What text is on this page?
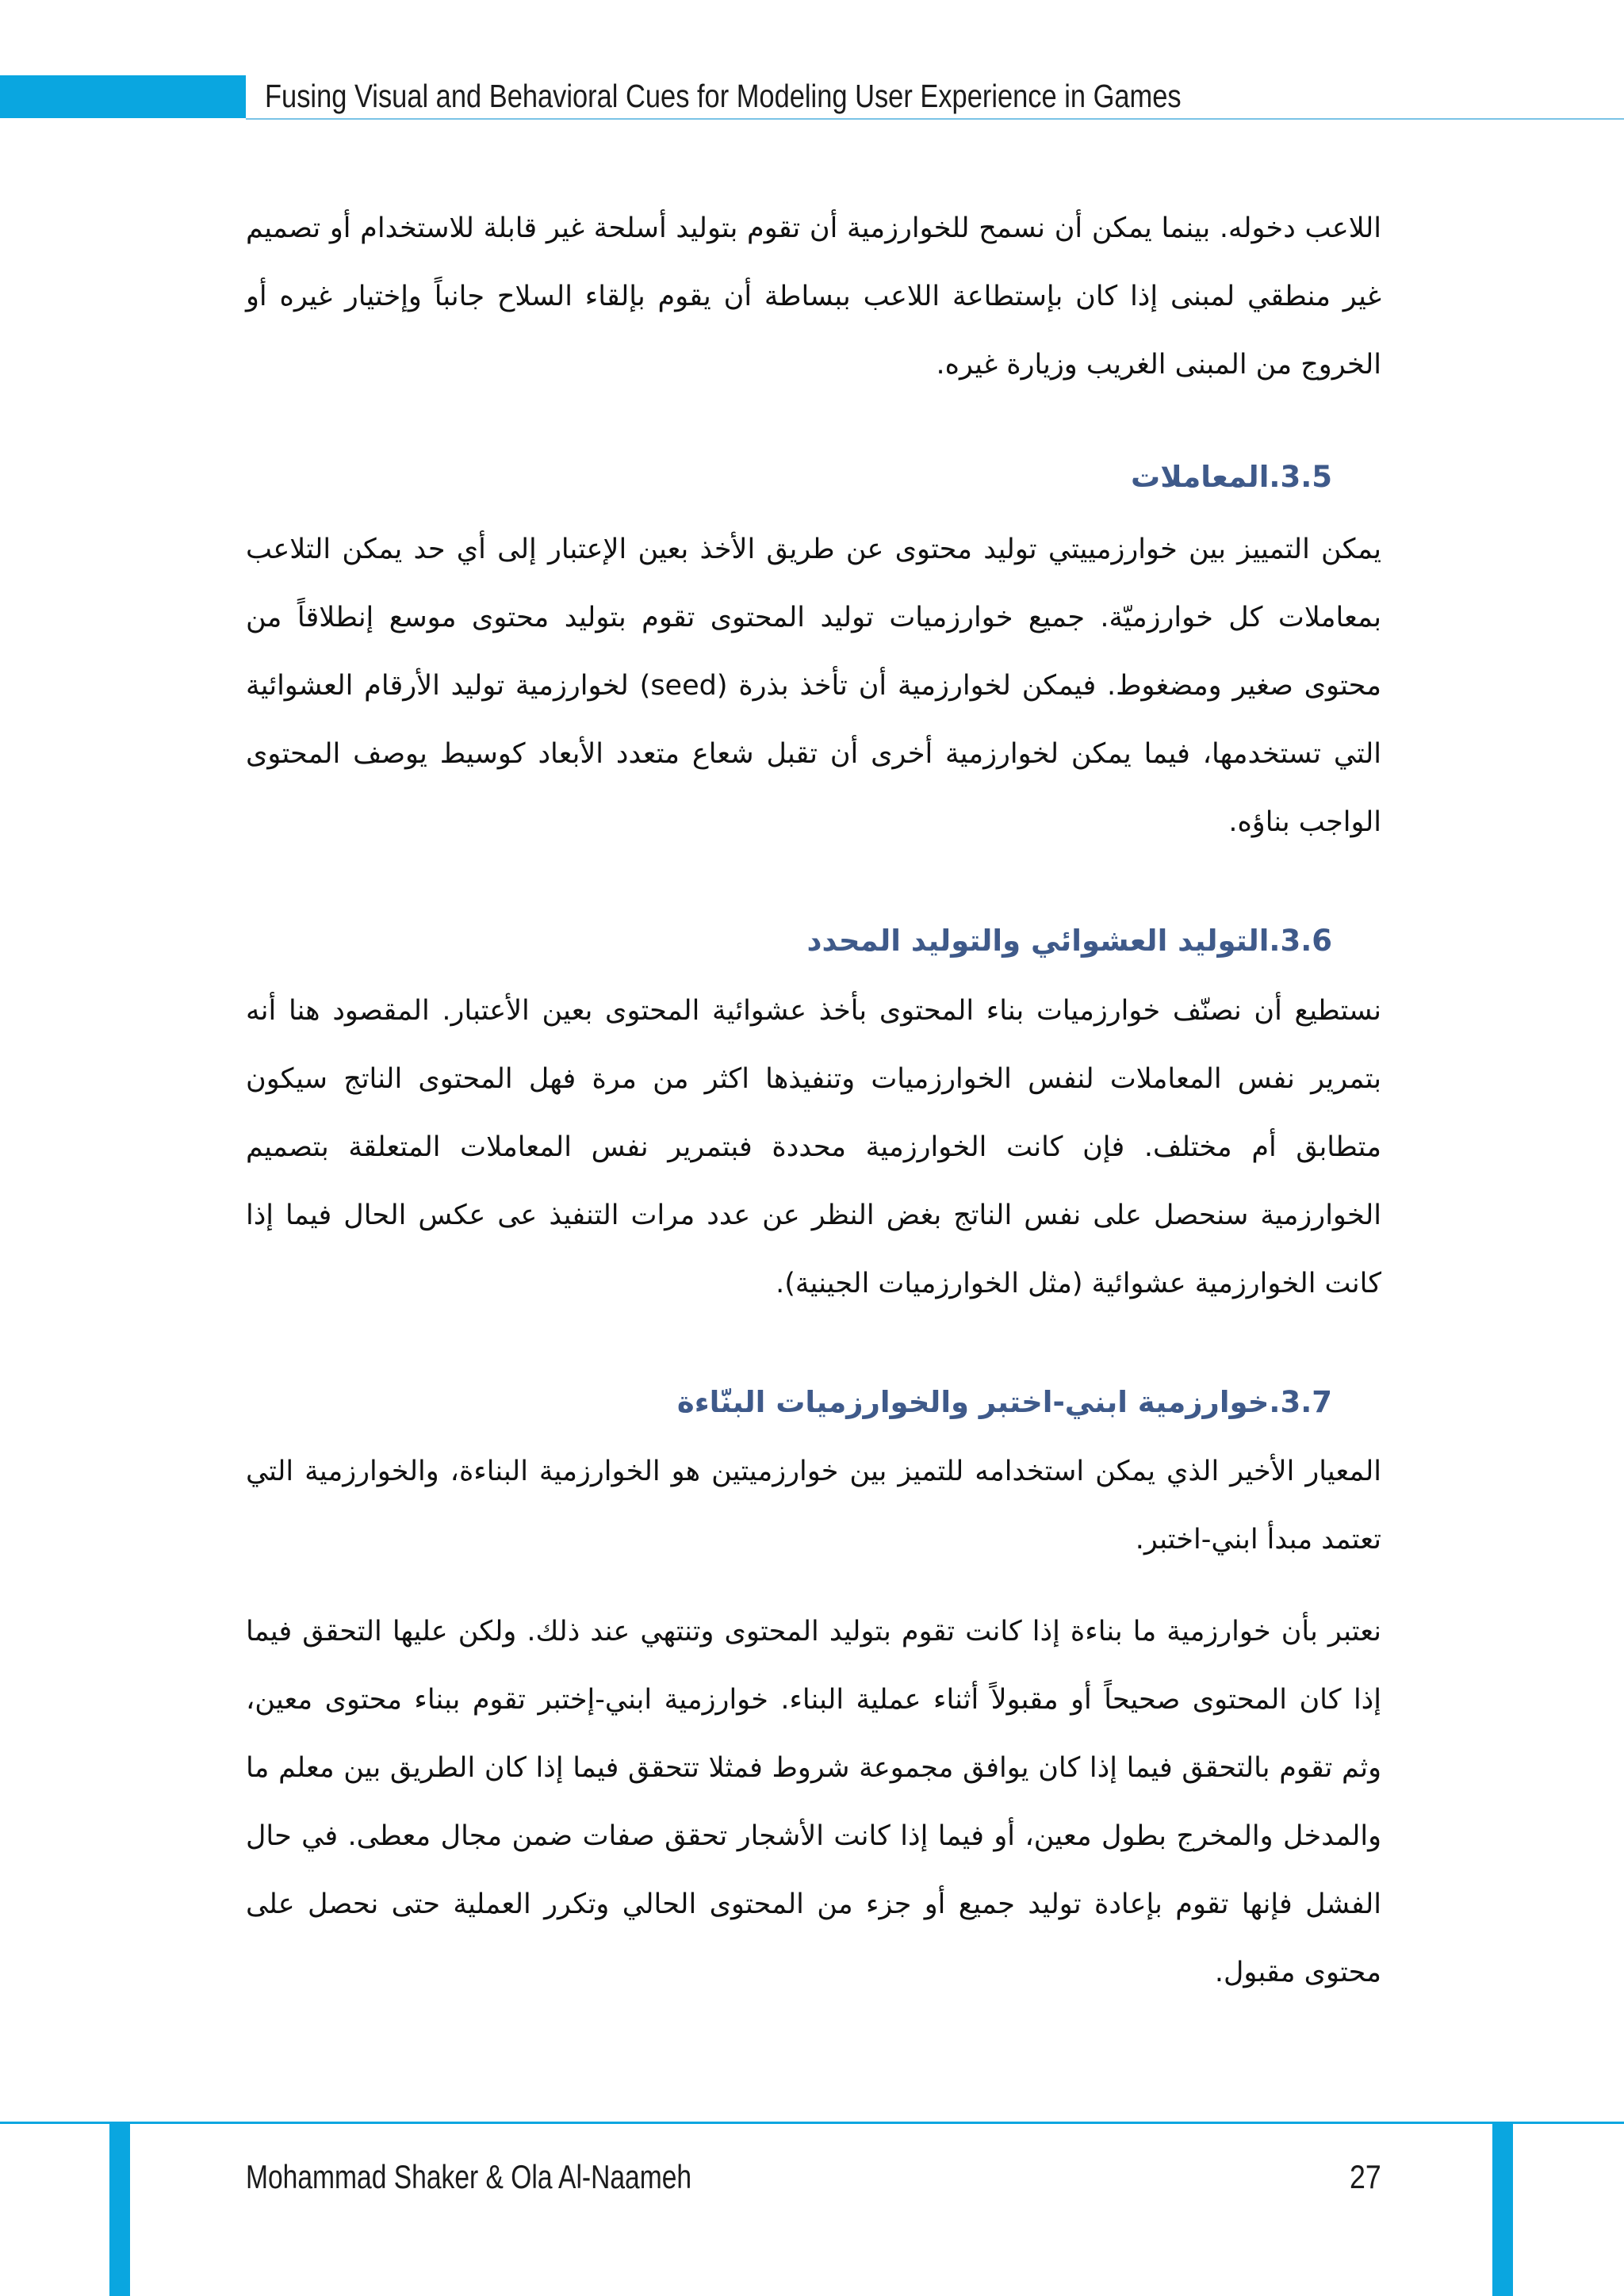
Fusing Visual and Behavioral Cues for Modeling User Experience in Games

اللاعب دخوله. بينما يمكن أن نسمح للخوارزمية أن تقوم بتوليد أسلحة غير قابلة للاستخدام أو تصميم غير منطقي لمبنى إذا كان بإستطاعة اللاعب ببساطة أن يقوم بإلقاء السلاح جانباً وإختيار غيره أو الخروج من المبنى الغريب وزيارة غيره.

3.5.المعاملات

يمكن التمييز بين خوارزمييتي توليد محتوى عن طريق الأخذ بعين الإعتبار إلى أي حد يمكن التلاعب بمعاملات كل خوارزميّة. جميع خوارزميات توليد المحتوى تقوم بتوليد محتوى موسع إنطلاقاً من محتوى صغير ومضغوط. فيمكن لخوارزمية أن تأخذ بذرة (seed) لخوارزمية توليد الأرقام العشوائية التي تستخدمها، فيما يمكن لخوارزمية أخرى أن تقبل شعاع متعدد الأبعاد كوسيط يوصف المحتوى الواجب بناؤه.

3.6.التوليد العشوائي والتوليد المحدد

نستطيع أن نصنّف خوارزميات بناء المحتوى بأخذ عشوائية المحتوى بعين الأعتبار. المقصود هنا أنه بتمرير نفس المعاملات لنفس الخوارزميات وتنفيذها اكثر من مرة فهل المحتوى الناتج سيكون متطابق أم مختلف. فإن كانت الخوارزمية محددة فبتمرير نفس المعاملات المتعلقة بتصميم الخوارزمية سنحصل على نفس الناتج بغض النظر عن عدد مرات التنفيذ عى عكس الحال فيما إذا كانت الخوارزمية عشوائية (مثل الخوارزميات الجينية).

3.7.خوارزمية ابني-اختبر والخوارزميات البنّاءة

المعيار الأخير الذي يمكن استخدامه للتميز بين خوارزميتين هو الخوارزمية البناءة، والخوارزمية التي تعتمد مبدأ ابني-اختبر.

نعتبر بأن خوارزمية ما بناءة إذا كانت تقوم بتوليد المحتوى وتنتهي عند ذلك. ولكن عليها التحقق فيما إذا كان المحتوى صحيحاً أو مقبولاً أثناء عملية البناء. خوارزمية ابني-إختبر تقوم ببناء محتوى معين، وثم تقوم بالتحقق فيما إذا كان يوافق مجموعة شروط فمثلا تتحقق فيما إذا كان الطريق بين معلم ما والمدخل والمخرج بطول معين، أو فيما إذا كانت الأشجار تحقق صفات ضمن مجال معطى. في حال الفشل فإنها تقوم بإعادة توليد جميع أو جزء من المحتوى الحالي وتكرر العملية حتى نحصل على محتوى مقبول.

Mohammad Shaker & Ola Al-Naameh	27
